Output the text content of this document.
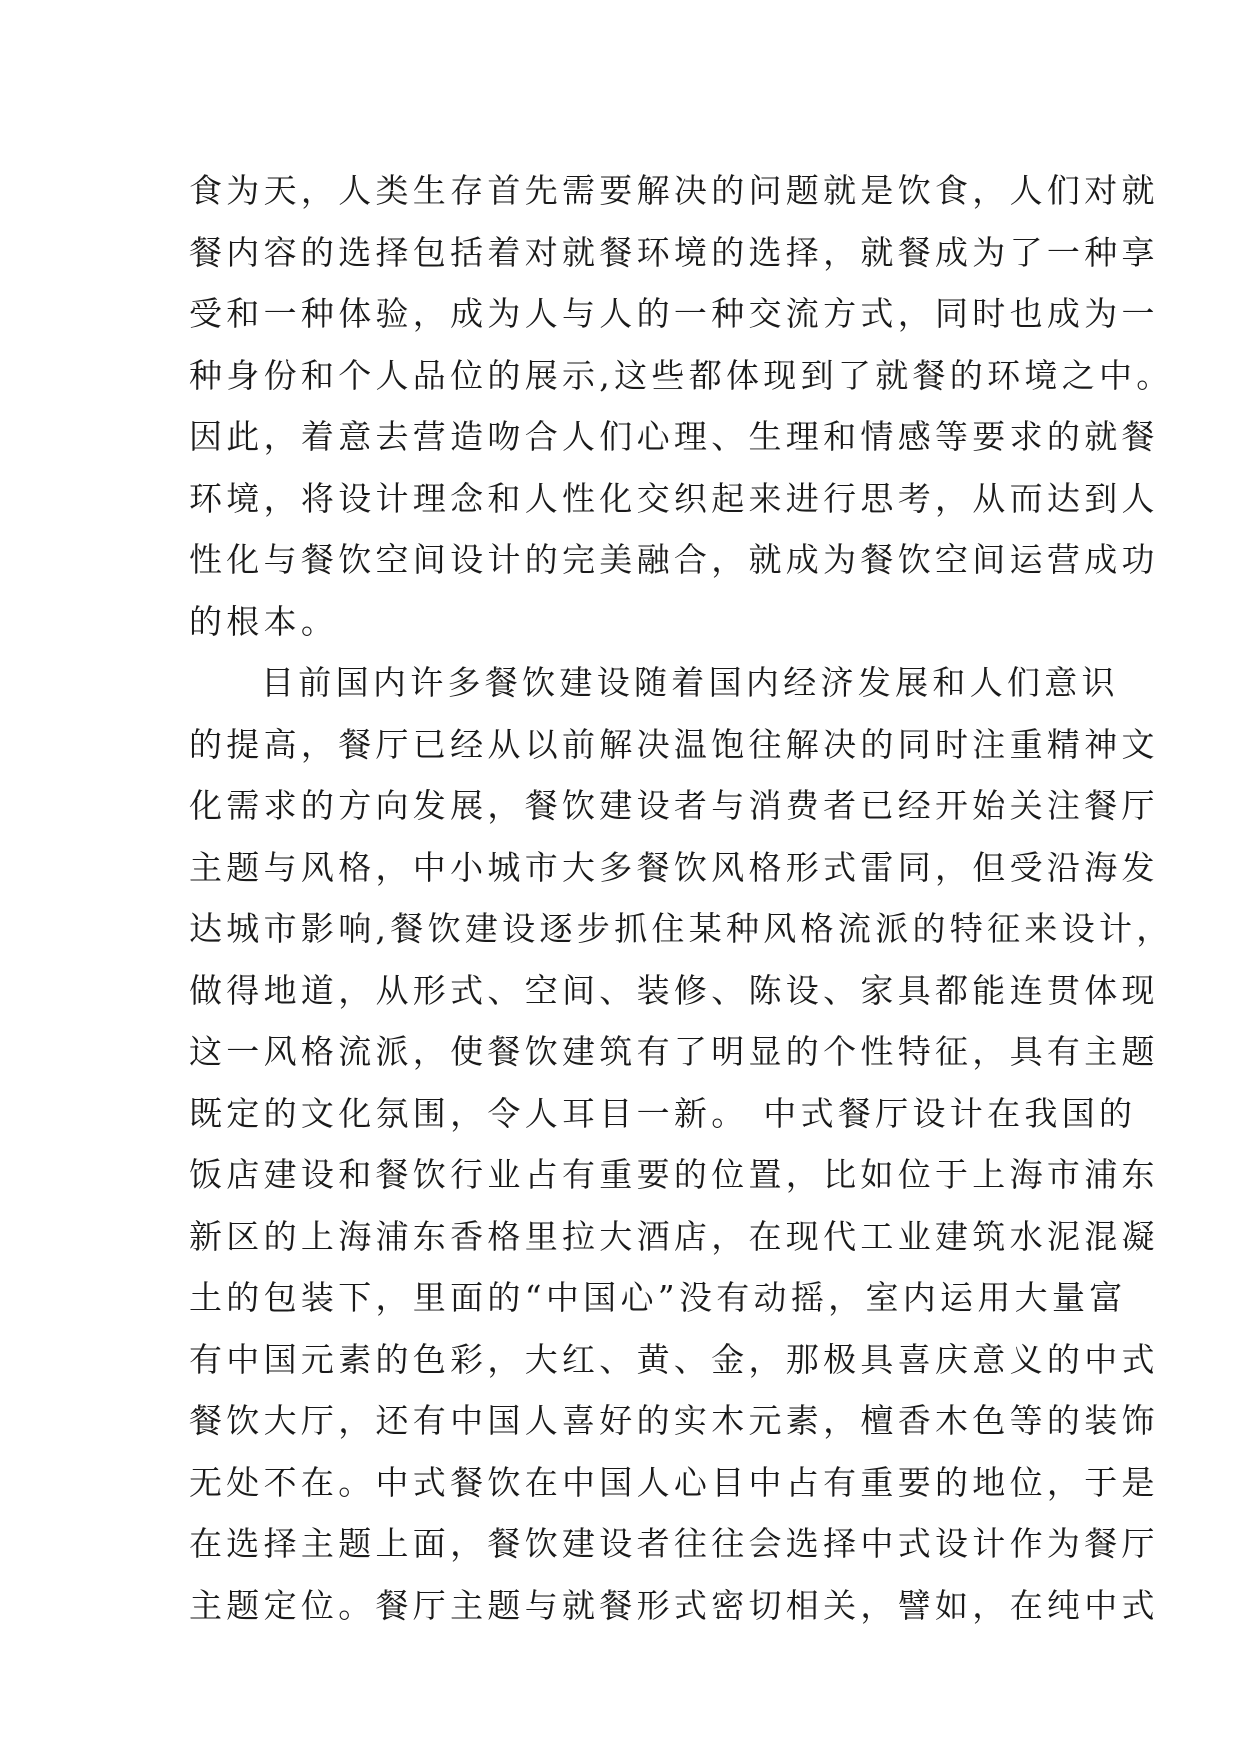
食为天，人类生存首先需要解决的问题就是饮食，人们对就
餐内容的选择包括着对就餐环境的选择，就餐成为了一种享
受和一种体验，成为人与人的一种交流方式，同时也成为一
种身份和个人品位的展示,这些都体现到了就餐的环境之中。
因此，着意去营造吻合人们心理、生理和情感等要求的就餐
环境，将设计理念和人性化交织起来进行思考，从而达到人
性化与餐饮空间设计的完美融合，就成为餐饮空间运营成功
的根本。
目前国内许多餐饮建设随着国内经济发展和人们意识
的提高，餐厅已经从以前解决温饱往解决的同时注重精神文
化需求的方向发展，餐饮建设者与消费者已经开始关注餐厅
主题与风格，中小城市大多餐饮风格形式雷同，但受沿海发
达城市影响,餐饮建设逐步抓住某种风格流派的特征来设计，
做得地道，从形式、空间、装修、陈设、家具都能连贯体现
这一风格流派，使餐饮建筑有了明显的个性特征，具有主题
既定的文化氛围，令人耳目一新。 中式餐厅设计在我国的
饭店建设和餐饮行业占有重要的位置，比如位于上海市浦东
新区的上海浦东香格里拉大酒店，在现代工业建筑水泥混凝
土的包装下，里面的“中国心”没有动摇，室内运用大量富
有中国元素的色彩，大红、黄、金，那极具喜庆意义的中式
餐饮大厅，还有中国人喜好的实木元素，檀香木色等的装饰
无处不在。中式餐饮在中国人心目中占有重要的地位，于是
在选择主题上面，餐饮建设者往往会选择中式设计作为餐厅
主题定位。餐厅主题与就餐形式密切相关，譬如，在纯中式
